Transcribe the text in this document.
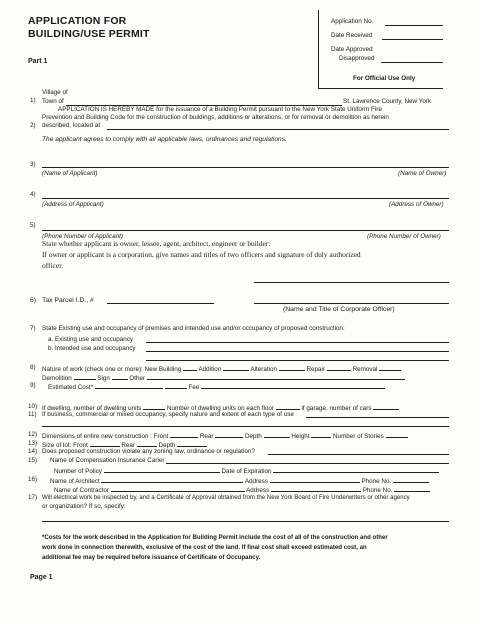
APPLICATION FOR
BUILDING/USE PERMIT
Part 1
Application No.
Date Received
Date Approved
Disapproved
For Official Use Only
Village of
1) Town of	St. Lawrence County, New York
APPLICATION IS HEREBY MADE for the issuance of a Building Permit pursuant to the New York State Uniform Fire
Prevention and Building Code for the construction of buildings, additions or alterations, or for removal or demolition as herein
2) described, located at
The applicant agrees to comply with all applicable laws, ordinances and regulations.
3)
(Name of Applicant)	(Name of Owner)
4)
(Address of Applicant)	(Address of Owner)
5)
(Phone Number of Applicant)	(Phone Number of Owner)
State whether applicant is owner, lessee, agent, architect, engineer or builder:
If owner or applicant is a corporation, give names and titles of two officers and signature of duly authorized
officer.
6) Tax Parcel I.D., #
(Name and Title of Corporate Officer)
7) State Existing use and occupancy of premises and intended use and/or occupancy of proposed construction:
a. Existing use and occupancy
b. Intended use and occupancy
8) Nature of work (check one or more): New Building	Addition	Alteration	Repair	Removal
Demolition	Sign	Other
9) Estimated Cost*	Fee
10) If dwelling, number of dwelling units	Number of dwelling units on each floor	if garage, number of cars
11) If business, commercial or mixed occupancy, specify nature and extent of each type of use
12) Dimensions of entire new construction : Front	Rear	Depth	Height	Number of Stories
13) Size of lot: Front	Rear	Depth
14) Does proposed construction violate any zoning law, ordinance or regulation?
15) Name of Compensation Insurance Carier
Number of Policy	Date of Expiration
16) Name of Architect	Address	Phone No.
Name of Contractor	Address	Phone No.
17) Will electrical work be inspected by, and a Certificate of Approval obtained from the New York Board of Fire Underwriters or other agency
or organization? If so, specify:
*Costs for the work described in the Application for Building Permit include the cost of all of the construction and other
work done in connection therewith, exclusive of the cost of the land. If final cost shall exceed estimated cost, an
additional fee may be required before issuance of Certificate of Occupancy.
Page 1
